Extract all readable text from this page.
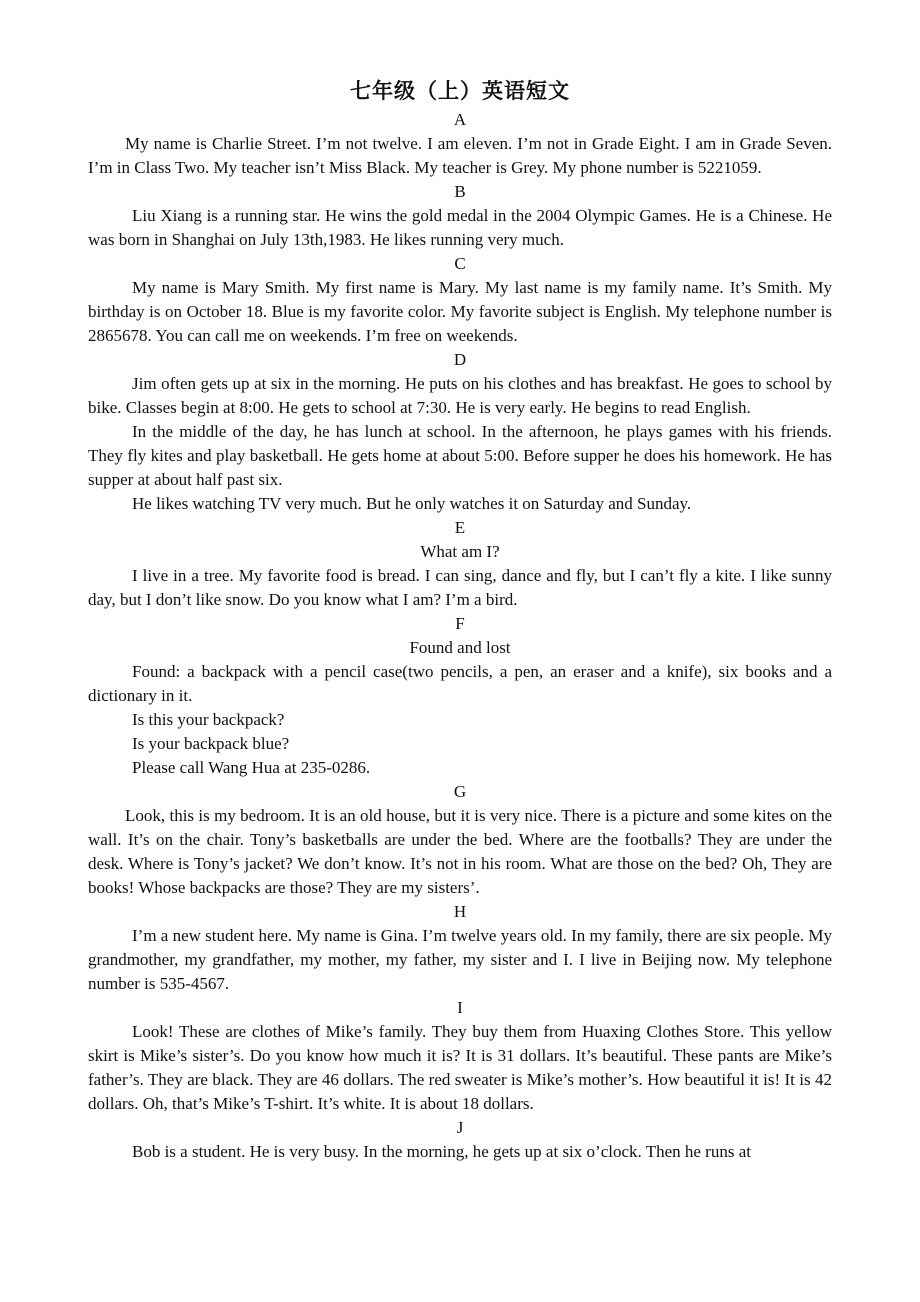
七年级（上）英语短文

A

My name is Charlie Street. I’m not twelve. I am eleven. I’m not in Grade Eight. I am in Grade Seven. I’m in Class Two. My teacher isn’t Miss Black. My teacher is Grey. My phone number is 5221059.

B

Liu Xiang is a running star. He wins the gold medal in the 2004 Olympic Games. He is a Chinese. He was born in Shanghai on July 13th,1983. He likes running very much.

C

My name is Mary Smith. My first name is Mary. My last name is my family name. It’s Smith. My birthday is on October 18. Blue is my favorite color. My favorite subject is English. My telephone number is 2865678. You can call me on weekends. I’m free on weekends.

D

Jim often gets up at six in the morning. He puts on his clothes and has breakfast. He goes to school by bike. Classes begin at 8:00. He gets to school at 7:30. He is very early. He begins to read English.

In the middle of the day, he has lunch at school. In the afternoon, he plays games with his friends. They fly kites and play basketball. He gets home at about 5:00. Before supper he does his homework. He has supper at about half past six.

He likes watching TV very much. But he only watches it on Saturday and Sunday.

E

What am I?

I live in a tree. My favorite food is bread. I can sing, dance and fly, but I can’t fly a kite. I like sunny day, but I don’t like snow. Do you know what I am? I’m a bird.

F

Found and lost

Found: a backpack with a pencil case(two pencils, a pen, an eraser and a knife), six books and a dictionary in it.

Is this your backpack?

Is your backpack blue?

Please call Wang Hua at 235-0286.

G

Look, this is my bedroom. It is an old house, but it is very nice. There is a picture and some kites on the wall. It’s on the chair. Tony’s basketballs are under the bed. Where are the footballs? They are under the desk. Where is Tony’s jacket? We don’t know. It’s not in his room. What are those on the bed? Oh, They are books! Whose backpacks are those? They are my sisters’.

H

I’m a new student here. My name is Gina. I’m twelve years old. In my family, there are six people. My grandmother, my grandfather, my mother, my father, my sister and I. I live in Beijing now. My telephone number is 535-4567.

I

Look! These are clothes of Mike’s family. They buy them from Huaxing Clothes Store. This yellow skirt is Mike’s sister’s. Do you know how much it is? It is 31 dollars. It’s beautiful. These pants are Mike’s father’s. They are black. They are 46 dollars. The red sweater is Mike’s mother’s. How beautiful it is! It is 42 dollars. Oh, that’s Mike’s T-shirt. It’s white. It is about 18 dollars.

J

Bob is a student. He is very busy. In the morning, he gets up at six o’clock. Then he runs at
